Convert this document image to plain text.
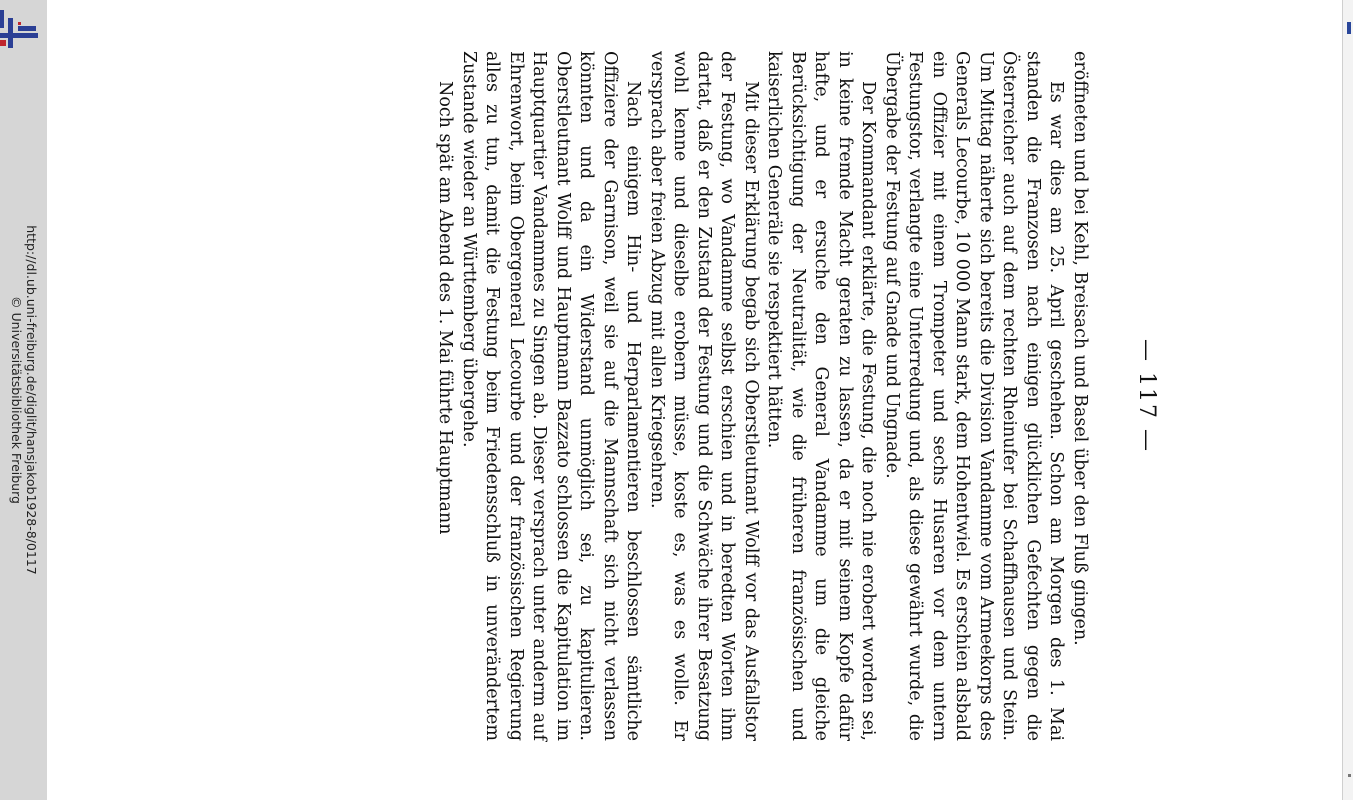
http://dl.ub.uni-freiburg.de/diglit/hansjakob1928-8/0117
© Universitätsbibliothek Freiburg	— 117 —

eröffneten und bei Kehl, Breisach und Basel über den Fluß gingen.

Es war dies am 25. April geschehen. Schon am Morgen des 1. Mai standen die Franzosen nach einigen glücklichen Gefechten gegen die Österreicher auch auf dem rechten Rheinufer bei Schaffhausen und Stein. Um Mittag näherte sich bereits die Division Vandamme vom Armeekorps des Generals Lecourbe, 10 000 Mann stark, dem Hohentwiel. Es erschien alsbald ein Offizier mit einem Trompeter und sechs Husaren vor dem untern Festungstor, verlangte eine Unterredung und, als diese gewährt wurde, die Übergabe der Festung auf Gnade und Ungnade.

Der Kommandant erklärte, die Festung, die noch nie erobert worden sei, in keine fremde Macht geraten zu lassen, da er mit seinem Kopfe dafür hafte, und er ersuche den General Vandamme um die gleiche Berücksichtigung der Neutralität, wie die früheren französischen und kaiserlichen Generäle sie respektiert hätten.

Mit dieser Erklärung begab sich Oberstleutnant Wolff vor das Ausfallstor der Festung, wo Vandamme selbst erschien und in beredten Worten ihm dartat, daß er den Zustand der Festung und die Schwäche ihrer Besatzung wohl kenne und dieselbe erobern müsse, koste es, was es wolle. Er versprach aber freien Abzug mit allen Kriegsehren.

Nach einigem Hin- und Herparlamentieren beschlossen sämtliche Offiziere der Garnison, weil sie auf die Mannschaft sich nicht verlassen könnten und da ein Widerstand unmöglich sei, zu kapitulieren. Oberstleutnant Wolff und Hauptmann Bazzato schlossen die Kapitulation im Hauptquartier Vandammes zu Singen ab. Dieser versprach unter anderm auf Ehrenwort, beim Obergeneral Lecourbe und der französischen Regierung alles zu tun, damit die Festung beim Friedensschluß in unverändertem Zustande wieder an Württemberg übergehe.

Noch spät am Abend des 1. Mai führte Hauptmann
